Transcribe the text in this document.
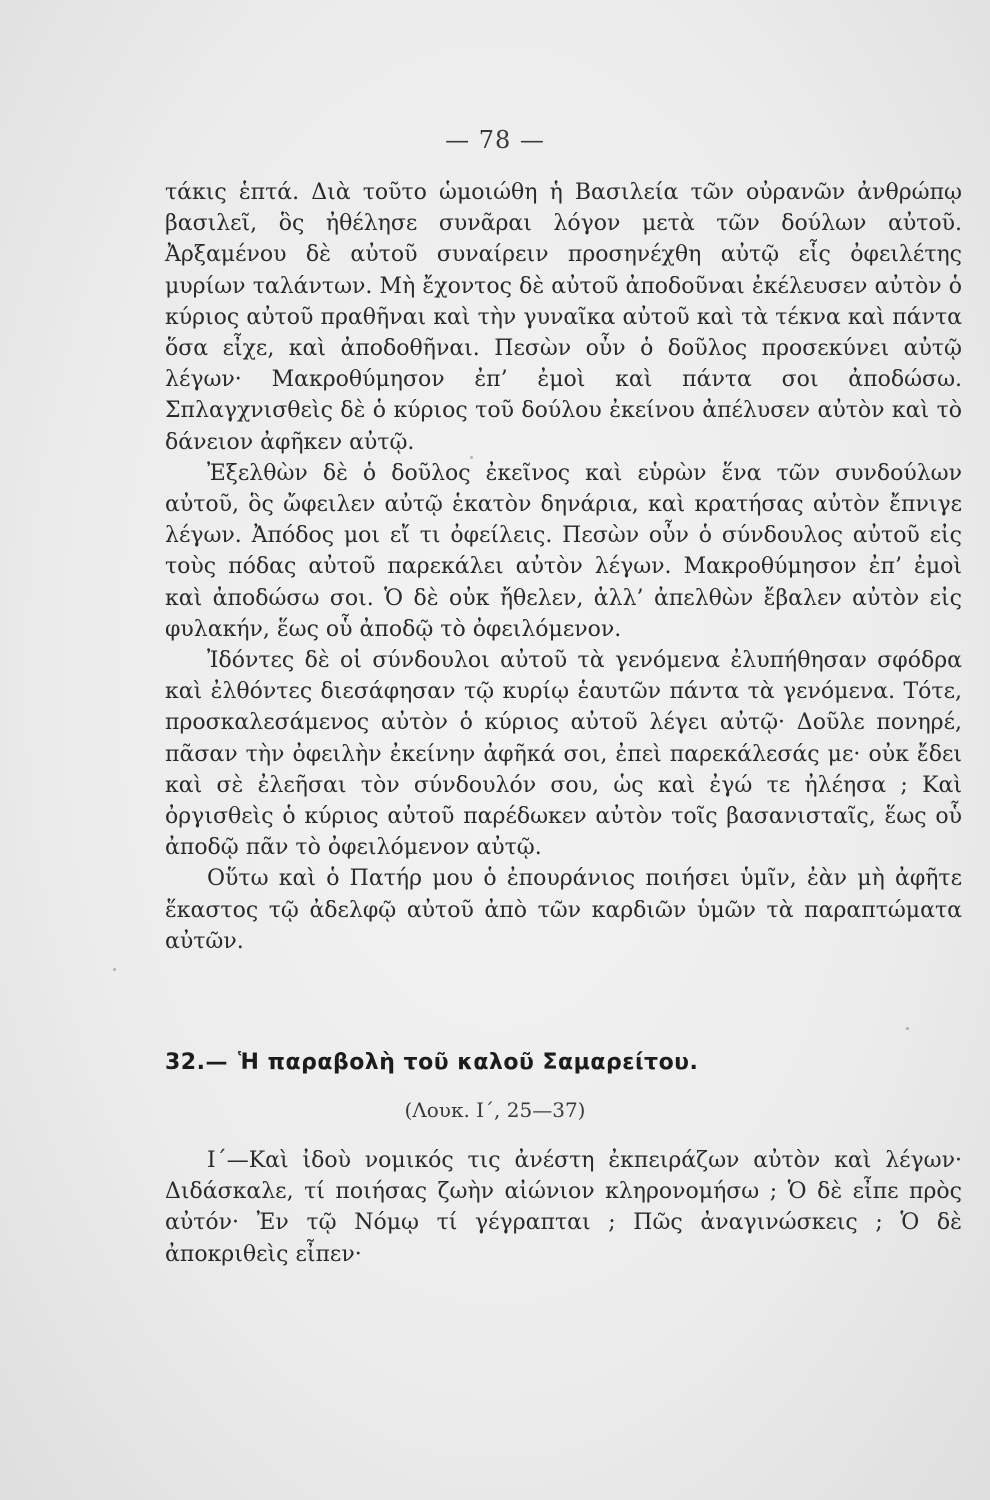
— 78 —

τάκις ἑπτά. Διὰ τοῦτο ὡμοιώθη ἡ Βασιλεία τῶν οὐρανῶν ἀνθρώπῳ βασιλεῖ, ὃς ἠθέλησε συνᾶραι λόγον μετὰ τῶν δούλων αὐτοῦ. Ἀρξαμένου δὲ αὐτοῦ συναίρειν προσηνέχθη αὐτῷ εἷς ὀφειλέτης μυρίων ταλάντων. Μὴ ἔχοντος δὲ αὐτοῦ ἀποδοῦναι ἐκέλευσεν αὐτὸν ὁ κύριος αὐτοῦ πραθῆναι καὶ τὴν γυναῖκα αὐτοῦ καὶ τὰ τέκνα καὶ πάντα ὅσα εἶχε, καὶ ἀποδοθῆναι. Πεσὼν οὖν ὁ δοῦλος προσεκύνει αὐτῷ λέγων· Μακροθύμησον ἐπ’ ἐμοὶ καὶ πάντα σοι ἀποδώσω. Σπλαγχνισθεὶς δὲ ὁ κύριος τοῦ δούλου ἐκείνου ἀπέλυσεν αὐτὸν καὶ τὸ δάνειον ἀφῆκεν αὐτῷ.

Ἐξελθὼν δὲ ὁ δοῦλος ἐκεῖνος καὶ εὑρὼν ἕνα τῶν συνδούλων αὐτοῦ, ὃς ὤφειλεν αὐτῷ ἑκατὸν δηνάρια, καὶ κρατήσας αὐτὸν ἔπνιγε λέγων. Ἀπόδος μοι εἴ τι ὀφείλεις. Πεσὼν οὖν ὁ σύνδουλος αὐτοῦ εἰς τοὺς πόδας αὐτοῦ παρεκάλει αὐτὸν λέγων. Μακροθύμησον ἐπ’ ἐμοὶ καὶ ἀποδώσω σοι. Ὁ δὲ οὐκ ἤθελεν, ἀλλ’ ἀπελθὼν ἔβαλεν αὐτὸν εἰς φυλακήν, ἕως οὗ ἀποδῷ τὸ ὀφειλόμενον.

Ἰδόντες δὲ οἱ σύνδουλοι αὐτοῦ τὰ γενόμενα ἐλυπήθησαν σφόδρα καὶ ἐλθόντες διεσάφησαν τῷ κυρίῳ ἑαυτῶν πάντα τὰ γενόμενα. Τότε, προσκαλεσάμενος αὐτὸν ὁ κύριος αὐτοῦ λέγει αὐτῷ· Δοῦλε πονηρέ, πᾶσαν τὴν ὀφειλὴν ἐκείνην ἀφῆκά σοι, ἐπεὶ παρεκάλεσάς με· οὐκ ἔδει καὶ σὲ ἐλεῆσαι τὸν σύνδουλόν σου, ὡς καὶ ἐγώ τε ἠλέησα ; Καὶ ὀργισθεὶς ὁ κύριος αὐτοῦ παρέδωκεν αὐτὸν τοῖς βασανισταῖς, ἕως οὗ ἀποδῷ πᾶν τὸ ὀφειλόμενον αὐτῷ.

Οὕτω καὶ ὁ Πατήρ μου ὁ ἐπουράνιος ποιήσει ὑμῖν, ἐὰν μὴ ἀφῆτε ἕκαστος τῷ ἀδελφῷ αὐτοῦ ἀπὸ τῶν καρδιῶν ὑμῶν τὰ παραπτώματα αὐτῶν.

32.— Ἡ παραβολὴ τοῦ καλοῦ Σαμαρείτου.
(Λουκ. Ι΄, 25—37)

Ι΄—Καὶ ἰδοὺ νομικός τις ἀνέστη ἐκπειράζων αὐτὸν καὶ λέγων· Διδάσκαλε, τί ποιήσας ζωὴν αἰώνιον κληρονομήσω ; Ὁ δὲ εἶπε πρὸς αὐτόν· Ἐν τῷ Νόμῳ τί γέγραπται ; Πῶς ἀναγινώσκεις ; Ὁ δὲ ἀποκριθεὶς εἶπεν·
